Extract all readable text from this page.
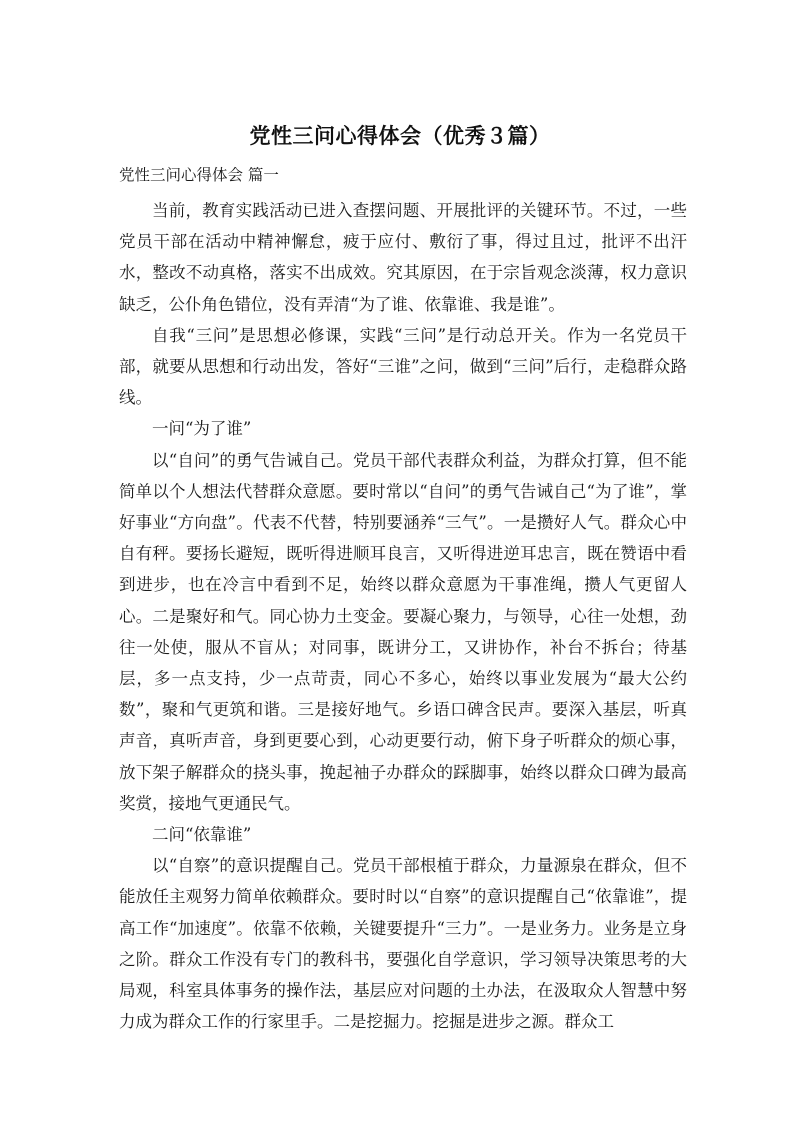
党性三问心得体会（优秀３篇）
党性三问心得体会 篇一

当前，教育实践活动已进入查摆问题、开展批评的关键环节。不过，一些党员干部在活动中精神懈怠，疲于应付、敷衍了事，得过且过，批评不出汗水，整改不动真格，落实不出成效。究其原因，在于宗旨观念淡薄，权力意识缺乏，公仆角色错位，没有弄清“为了谁、依靠谁、我是谁”。

自我“三问”是思想必修课，实践“三问”是行动总开关。作为一名党员干部，就要从思想和行动出发，答好“三谁”之问，做到“三问”后行，走稳群众路线。

一问“为了谁”

以“自问”的勇气告诫自己。党员干部代表群众利益，为群众打算，但不能简单以个人想法代替群众意愿。要时常以“自问”的勇气告诫自己“为了谁”，掌好事业“方向盘”。代表不代替，特别要涵养“三气”。一是攒好人气。群众心中自有秤。要扬长避短，既听得进顺耳良言，又听得进逆耳忠言，既在赞语中看到进步，也在冷言中看到不足，始终以群众意愿为干事准绳，攒人气更留人心。二是聚好和气。同心协力土变金。要凝心聚力，与领导，心往一处想，劲往一处使，服从不盲从；对同事，既讲分工，又讲协作，补台不拆台；待基层，多一点支持，少一点苛责，同心不多心，始终以事业发展为“最大公约数”，聚和气更筑和谐。三是接好地气。乡语口碑含民声。要深入基层，听真声音，真听声音，身到更要心到，心动更要行动，俯下身子听群众的烦心事，放下架子解群众的挠头事，挽起袖子办群众的踩脚事，始终以群众口碑为最高奖赏，接地气更通民气。

二问“依靠谁”

以“自察”的意识提醒自己。党员干部根植于群众，力量源泉在群众，但不能放任主观努力简单依赖群众。要时时以“自察”的意识提醒自己“依靠谁”，提高工作“加速度”。依靠不依赖，关键要提升“三力”。一是业务力。业务是立身之阶。群众工作没有专门的教科书，要强化自学意识，学习领导决策思考的大局观，科室具体事务的操作法，基层应对问题的土办法，在汲取众人智慧中努力成为群众工作的行家里手。二是挖掘力。挖掘是进步之源。群众工
